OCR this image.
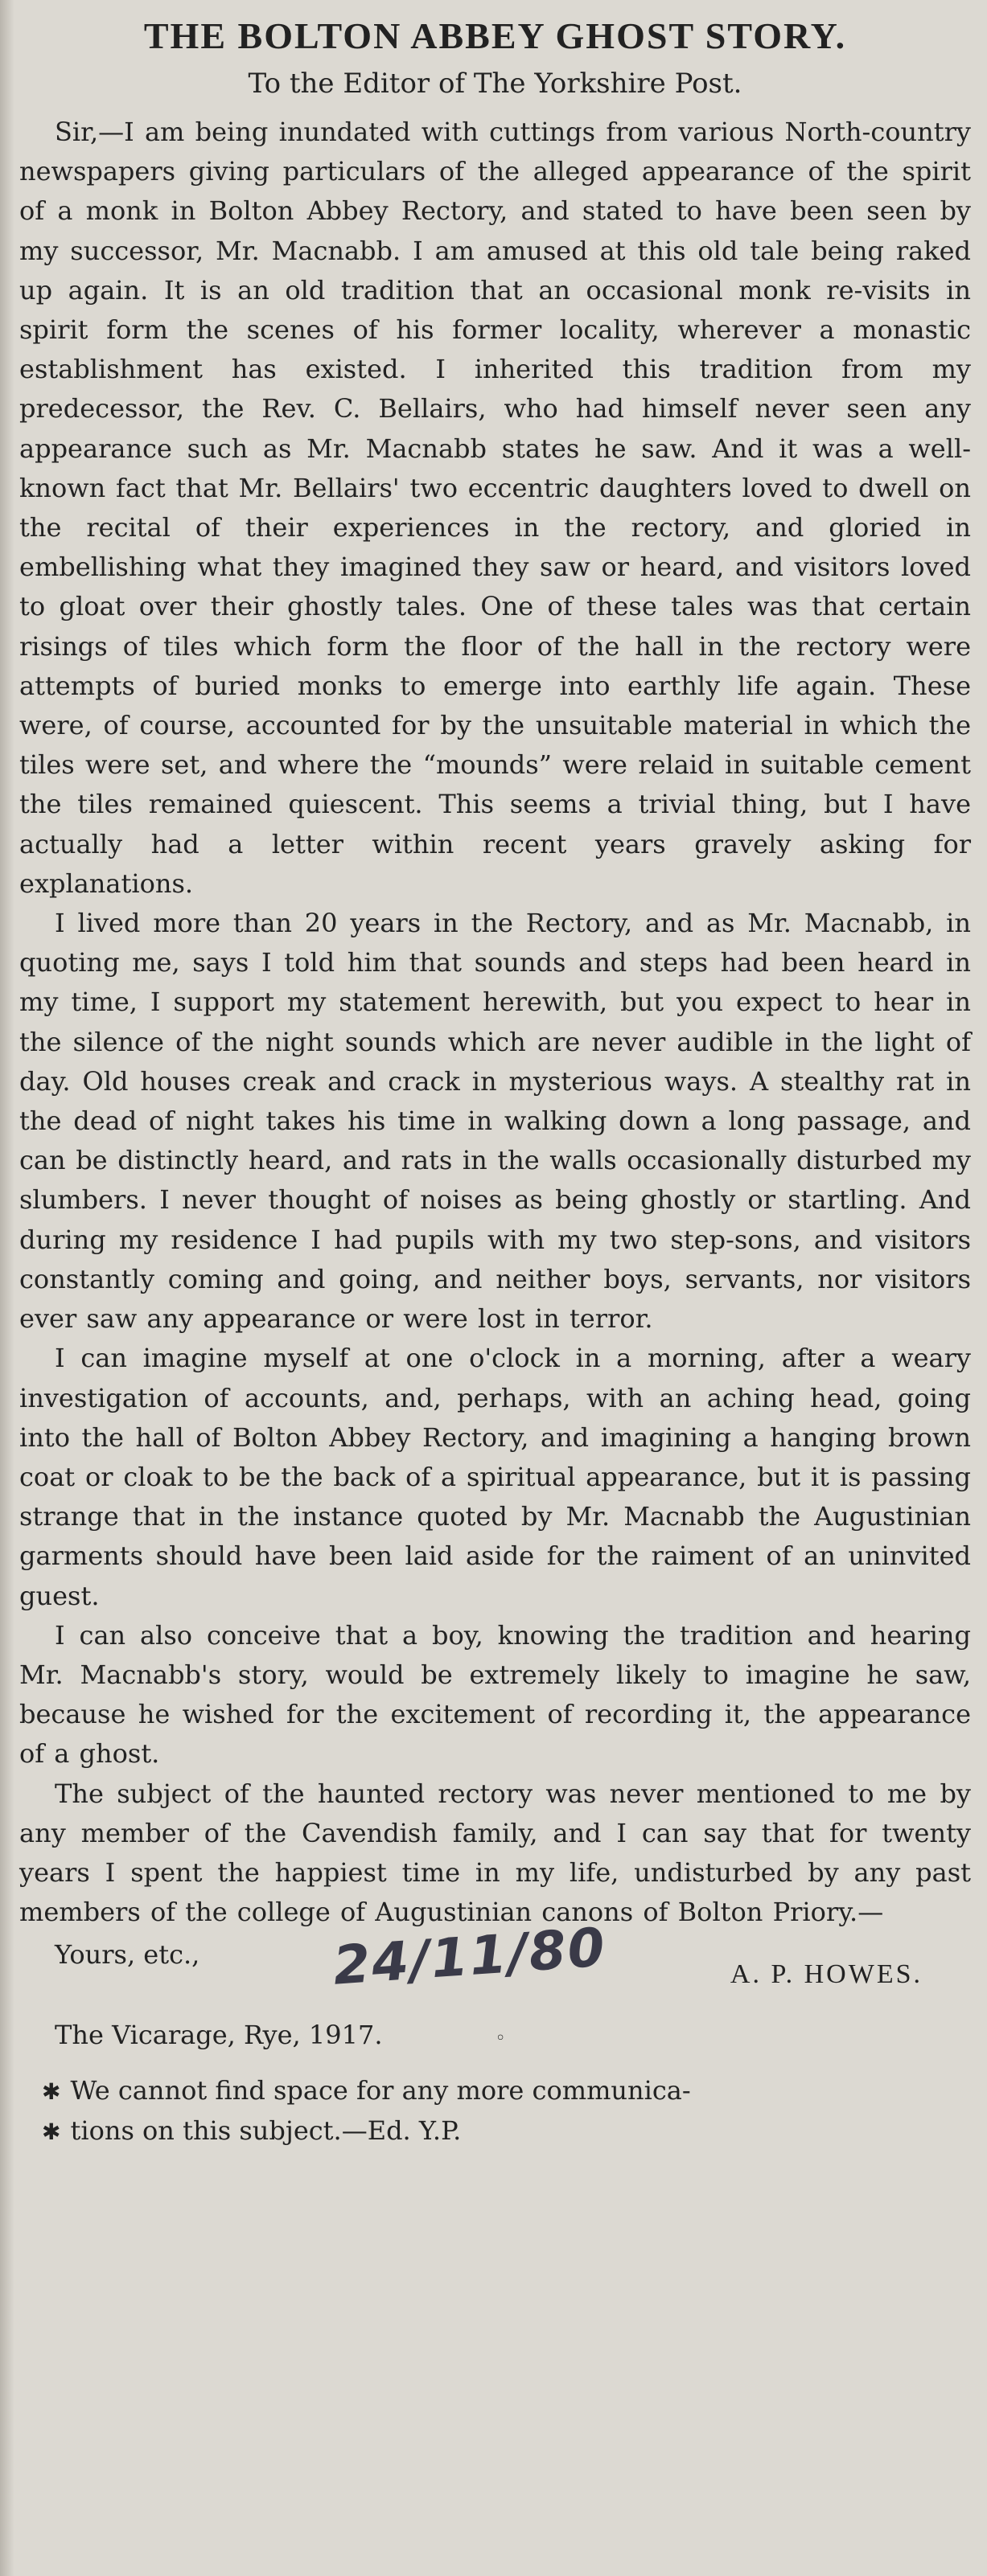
THE BOLTON ABBEY GHOST STORY.
To the Editor of The Yorkshire Post.

Sir,—I am being inundated with cuttings from various North-country newspapers giving particulars of the alleged appearance of the spirit of a monk in Bolton Abbey Rectory, and stated to have been seen by my successor, Mr. Macnabb. I am amused at this old tale being raked up again. It is an old tradition that an occasional monk re-visits in spirit form the scenes of his former locality, wherever a monastic establishment has existed. I inherited this tradition from my predecessor, the Rev. C. Bellairs, who had himself never seen any appearance such as Mr. Macnabb states he saw. And it was a well-known fact that Mr. Bellairs' two eccentric daughters loved to dwell on the recital of their experiences in the rectory, and gloried in embellishing what they imagined they saw or heard, and visitors loved to gloat over their ghostly tales. One of these tales was that certain risings of tiles which form the floor of the hall in the rectory were attempts of buried monks to emerge into earthly life again. These were, of course, accounted for by the unsuitable material in which the tiles were set, and where the “mounds” were relaid in suitable cement the tiles remained quiescent. This seems a trivial thing, but I have actually had a letter within recent years gravely asking for explanations.

I lived more than 20 years in the Rectory, and as Mr. Macnabb, in quoting me, says I told him that sounds and steps had been heard in my time, I support my statement herewith, but you expect to hear in the silence of the night sounds which are never audible in the light of day. Old houses creak and crack in mysterious ways. A stealthy rat in the dead of night takes his time in walking down a long passage, and can be distinctly heard, and rats in the walls occasionally disturbed my slumbers. I never thought of noises as being ghostly or startling. And during my residence I had pupils with my two step-sons, and visitors constantly coming and going, and neither boys, servants, nor visitors ever saw any appearance or were lost in terror.

I can imagine myself at one o'clock in a morning, after a weary investigation of accounts, and, perhaps, with an aching head, going into the hall of Bolton Abbey Rectory, and imagining a hanging brown coat or cloak to be the back of a spiritual appearance, but it is passing strange that in the instance quoted by Mr. Macnabb the Augustinian garments should have been laid aside for the raiment of an uninvited guest.

I can also conceive that a boy, knowing the tradition and hearing Mr. Macnabb's story, would be extremely likely to imagine he saw, because he wished for the excitement of recording it, the appearance of a ghost.

The subject of the haunted rectory was never mentioned to me by any member of the Cavendish family, and I can say that for twenty years I spent the happiest time in my life, undisturbed by any past members of the college of Augustinian canons of Bolton Priory.—

Yours, etc., 24/11/80	A. P. HOWES.
The Vicarage, Rye, 1917.	◦
✱ We cannot find space for any more communica-
✱ tions on this subject.—Ed. Y.P.
